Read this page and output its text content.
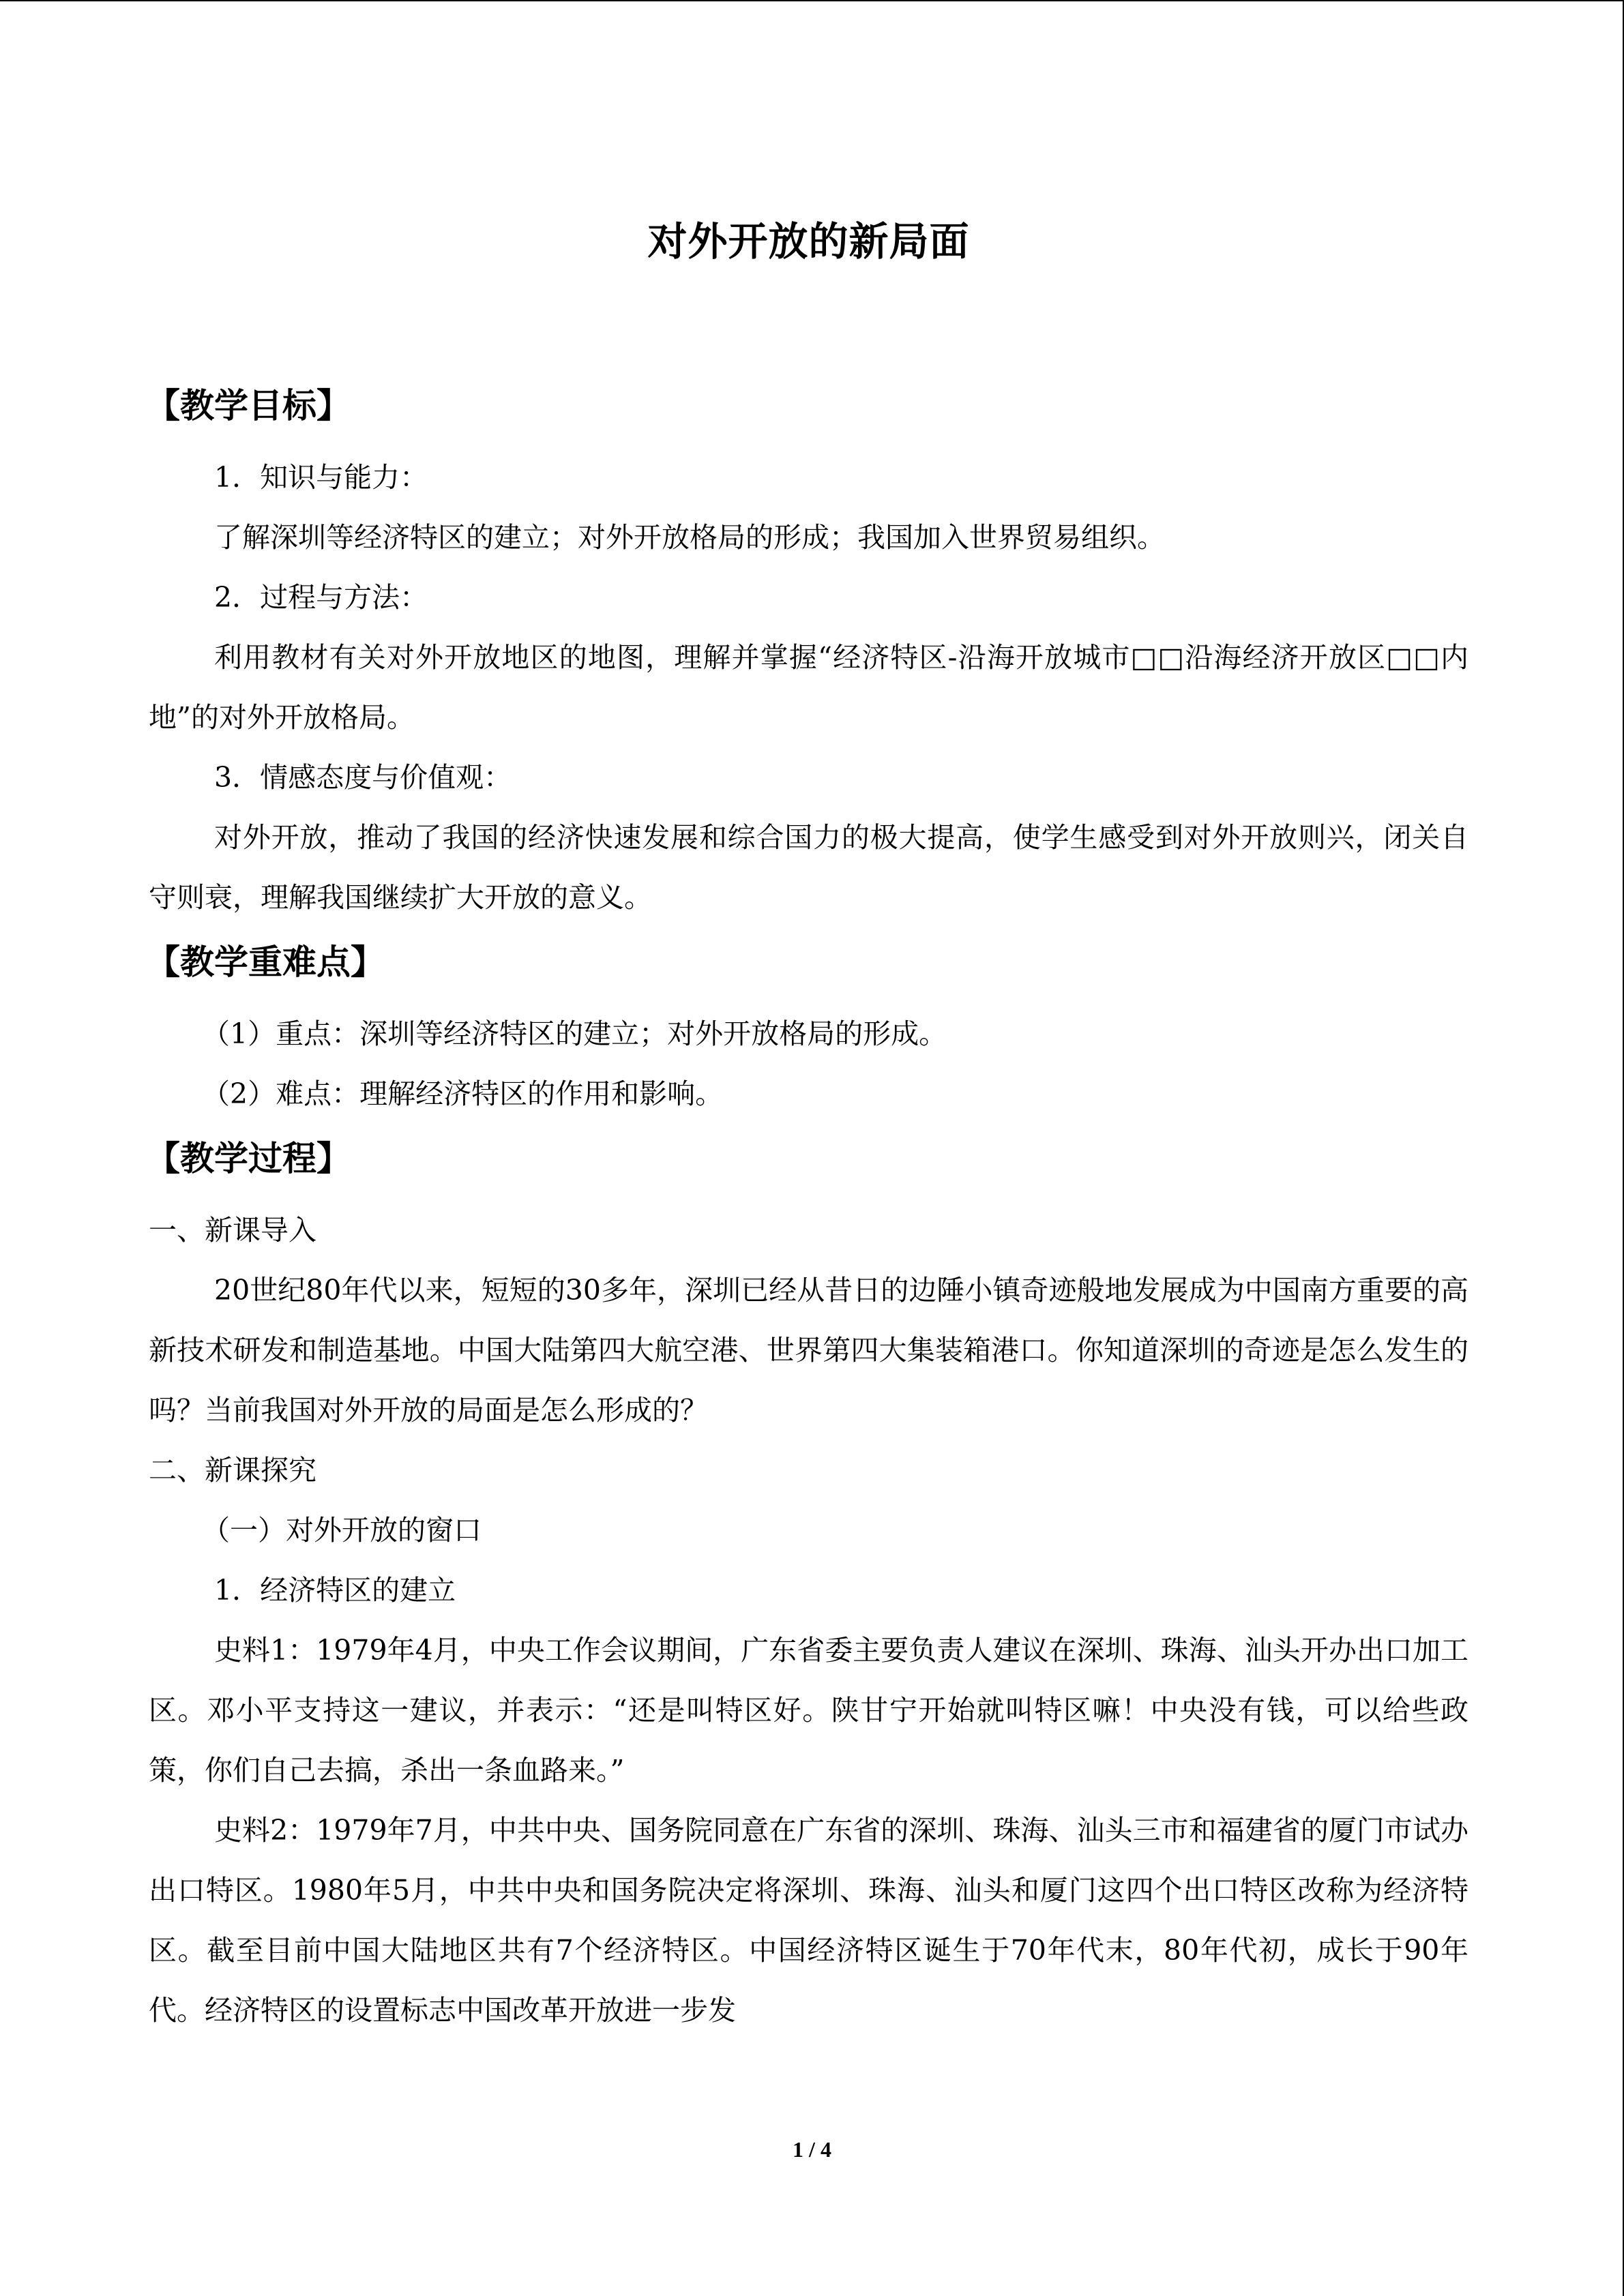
对外开放的新局面
【教学目标】

1．知识与能力：

了解深圳等经济特区的建立；对外开放格局的形成；我国加入世界贸易组织。

2．过程与方法：

利用教材有关对外开放地区的地图，理解并掌握“经济特区-沿海开放城市□□沿海经济开放区□□内地”的对外开放格局。

3．情感态度与价值观：

对外开放，推动了我国的经济快速发展和综合国力的极大提高，使学生感受到对外开放则兴，闭关自守则衰，理解我国继续扩大开放的意义。

【教学重难点】

（1）重点：深圳等经济特区的建立；对外开放格局的形成。

（2）难点：理解经济特区的作用和影响。

【教学过程】

一、新课导入

20世纪80年代以来，短短的30多年，深圳已经从昔日的边陲小镇奇迹般地发展成为中国南方重要的高新技术研发和制造基地。中国大陆第四大航空港、世界第四大集装箱港口。你知道深圳的奇迹是怎么发生的吗？当前我国对外开放的局面是怎么形成的？

二、新课探究

（一）对外开放的窗口

1．经济特区的建立

史料1：1979年4月，中央工作会议期间，广东省委主要负责人建议在深圳、珠海、汕头开办出口加工区。邓小平支持这一建议，并表示：“还是叫特区好。陕甘宁开始就叫特区嘛！中央没有钱，可以给些政策，你们自己去搞，杀出一条血路来。”

史料2：1979年7月，中共中央、国务院同意在广东省的深圳、珠海、汕头三市和福建省的厦门市试办出口特区。1980年5月，中共中央和国务院决定将深圳、珠海、汕头和厦门这四个出口特区改称为经济特区。截至目前中国大陆地区共有7个经济特区。中国经济特区诞生于70年代末，80年代初，成长于90年代。经济特区的设置标志中国改革开放进一步发

1 / 4
